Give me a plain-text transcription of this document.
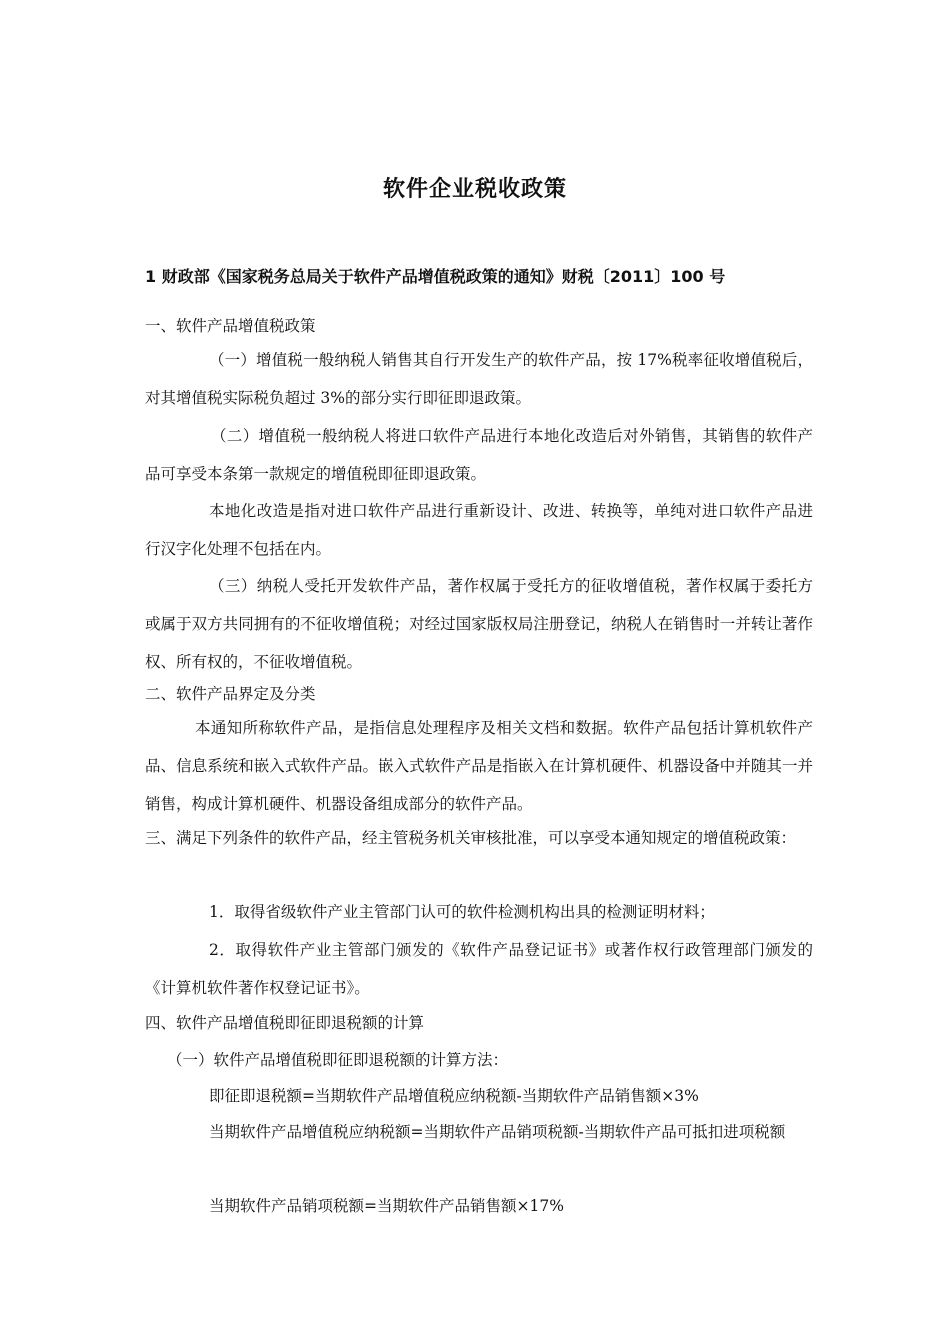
软件企业税收政策
1 财政部《国家税务总局关于软件产品增值税政策的通知》财税〔2011〕100 号

一、软件产品增值税政策

（一）增值税一般纳税人销售其自行开发生产的软件产品，按 17%税率征收增值税后，对其增值税实际税负超过 3%的部分实行即征即退政策。

（二）增值税一般纳税人将进口软件产品进行本地化改造后对外销售，其销售的软件产品可享受本条第一款规定的增值税即征即退政策。

本地化改造是指对进口软件产品进行重新设计、改进、转换等，单纯对进口软件产品进行汉字化处理不包括在内。

（三）纳税人受托开发软件产品，著作权属于受托方的征收增值税，著作权属于委托方或属于双方共同拥有的不征收增值税；对经过国家版权局注册登记，纳税人在销售时一并转让著作权、所有权的，不征收增值税。

二、软件产品界定及分类

本通知所称软件产品，是指信息处理程序及相关文档和数据。软件产品包括计算机软件产品、信息系统和嵌入式软件产品。嵌入式软件产品是指嵌入在计算机硬件、机器设备中并随其一并销售，构成计算机硬件、机器设备组成部分的软件产品。

三、满足下列条件的软件产品，经主管税务机关审核批准，可以享受本通知规定的增值税政策：

1．取得省级软件产业主管部门认可的软件检测机构出具的检测证明材料；

2．取得软件产业主管部门颁发的《软件产品登记证书》或著作权行政管理部门颁发的《计算机软件著作权登记证书》。

四、软件产品增值税即征即退税额的计算

（一）软件产品增值税即征即退税额的计算方法：

即征即退税额=当期软件产品增值税应纳税额-当期软件产品销售额×3%

当期软件产品增值税应纳税额=当期软件产品销项税额-当期软件产品可抵扣进项税额

当期软件产品销项税额=当期软件产品销售额×17%
